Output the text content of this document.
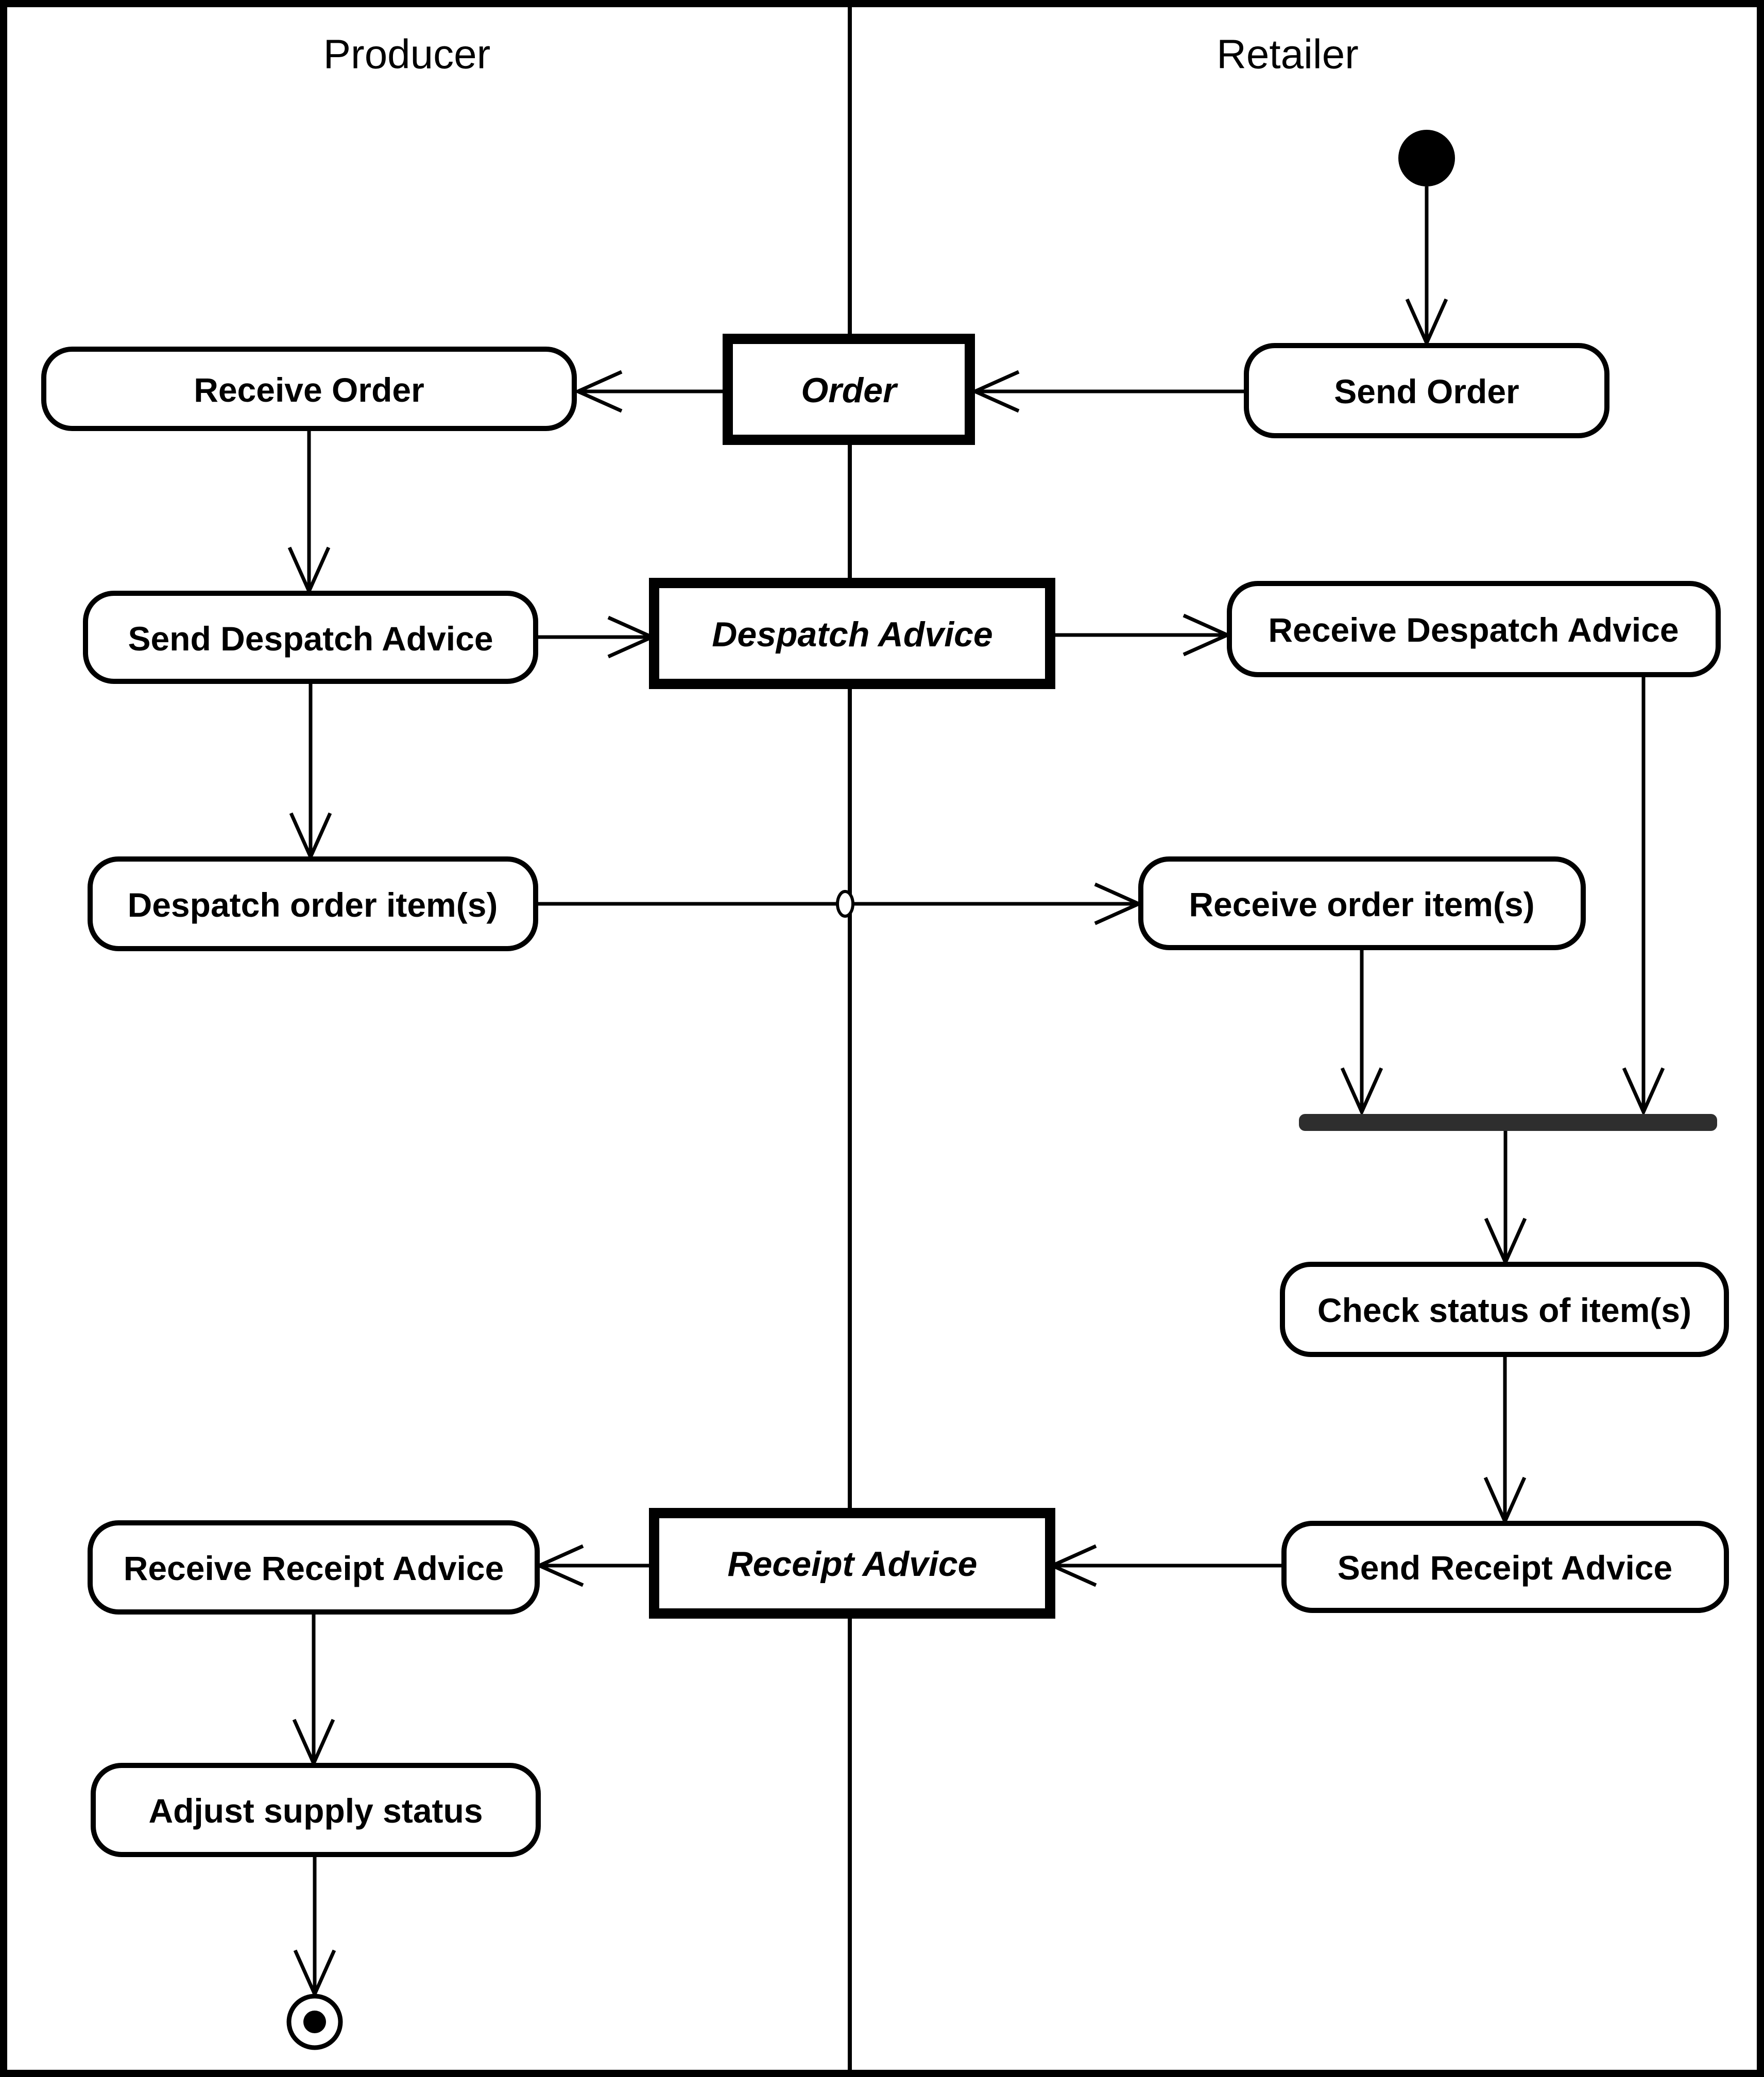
Receive Order
Send Despatch Advice
Despatch order item(s)
Receive Receipt Advice
Adjust supply status
Send Order
Receive Despatch Advice
Receive order item(s)
Check status of item(s)
Send Receipt Advice
Order
Despatch Advice
Receipt Advice
Producer	Retailer
